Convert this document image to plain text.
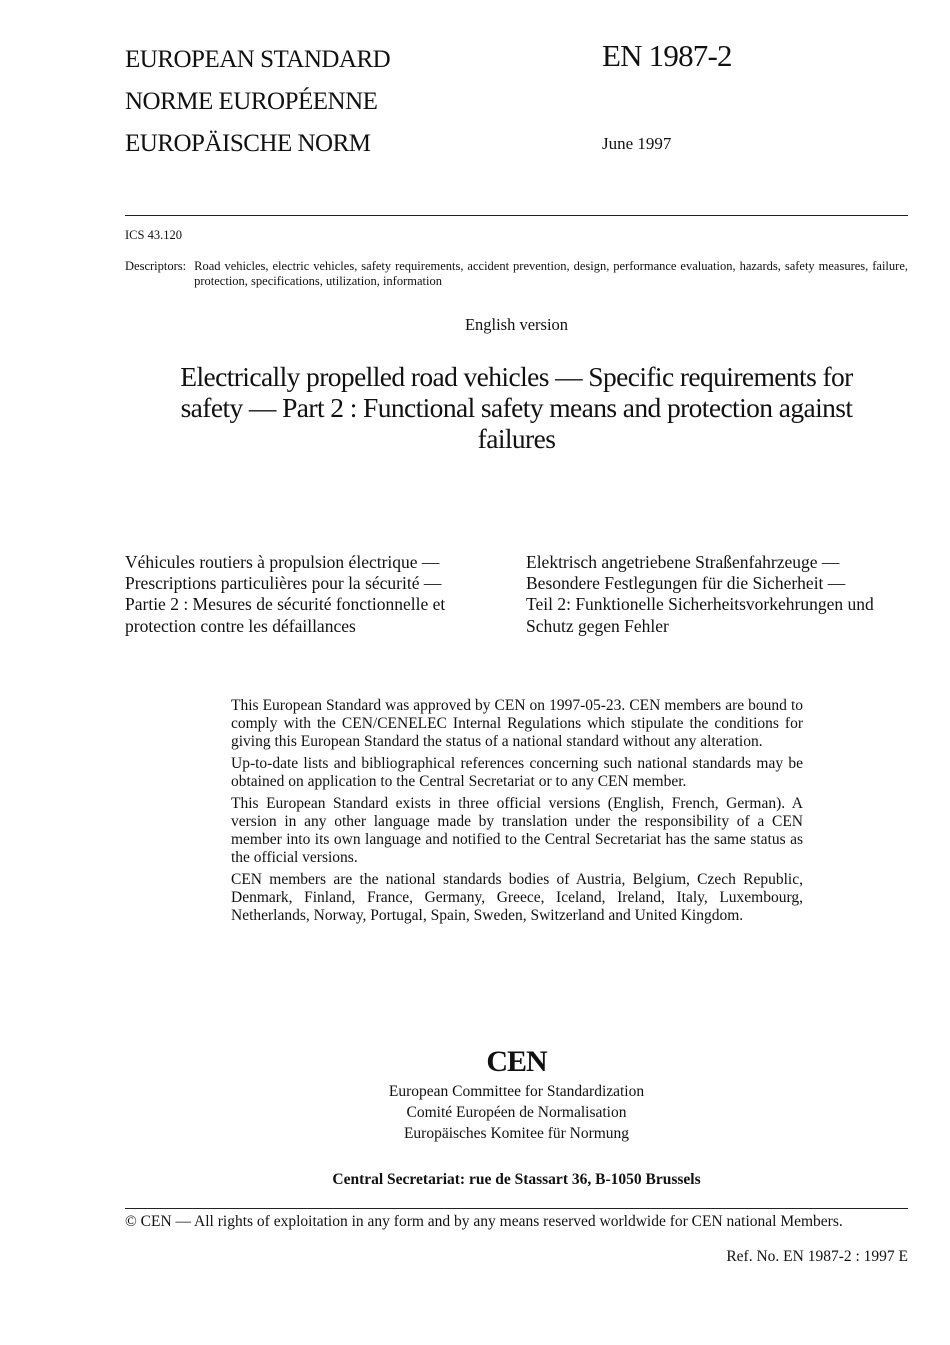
EUROPEAN STANDARD
NORME EUROPÉENNE
EUROPÄISCHE NORM
EN 1987-2
June 1997
ICS 43.120
Descriptors: Road vehicles, electric vehicles, safety requirements, accident prevention, design, performance evaluation, hazards, safety measures, failure, protection, specifications, utilization, information
English version
Electrically propelled road vehicles — Specific requirements for
safety — Part 2 : Functional safety means and protection against
failures
Véhicules routiers à propulsion électrique —
Prescriptions particulières pour la sécurité —
Partie 2 : Mesures de sécurité fonctionnelle et
protection contre les défaillances
Elektrisch angetriebene Straßenfahrzeuge —
Besondere Festlegungen für die Sicherheit —
Teil 2: Funktionelle Sicherheitsvorkehrungen und
Schutz gegen Fehler

This European Standard was approved by CEN on 1997-05-23. CEN members are bound to comply with the CEN/CENELEC Internal Regulations which stipulate the conditions for giving this European Standard the status of a national standard without any alteration.

Up-to-date lists and bibliographical references concerning such national standards may be obtained on application to the Central Secretariat or to any CEN member.

This European Standard exists in three official versions (English, French, German). A version in any other language made by translation under the responsibility of a CEN member into its own language and notified to the Central Secretariat has the same status as the official versions.

CEN members are the national standards bodies of Austria, Belgium, Czech Republic, Denmark, Finland, France, Germany, Greece, Iceland, Ireland, Italy, Luxembourg, Netherlands, Norway, Portugal, Spain, Sweden, Switzerland and United Kingdom.

CEN
European Committee for Standardization
Comité Européen de Normalisation
Europäisches Komitee für Normung
Central Secretariat: rue de Stassart 36, B-1050 Brussels
© CEN — All rights of exploitation in any form and by any means reserved worldwide for CEN national Members.
Ref. No. EN 1987-2 : 1997 E
